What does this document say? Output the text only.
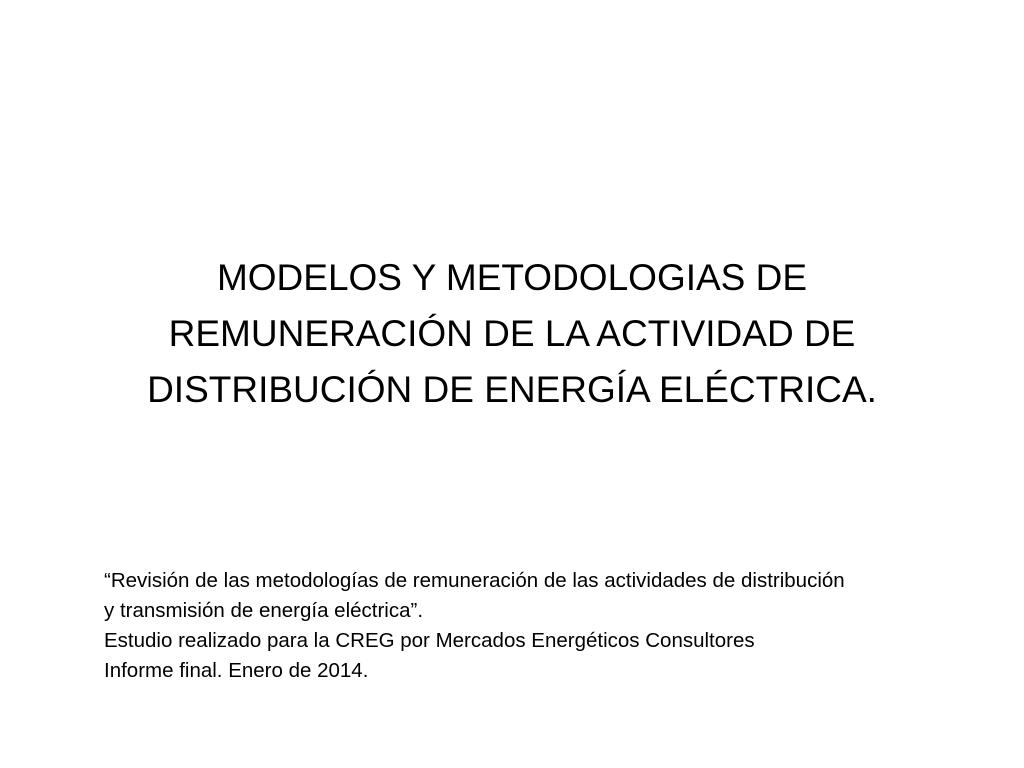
MODELOS Y METODOLOGIAS DE
REMUNERACIÓN DE LA ACTIVIDAD DE
DISTRIBUCIÓN DE ENERGÍA ELÉCTRICA.
“Revisión de las metodologías de remuneración de las actividades de distribución
y transmisión de energía eléctrica”.
Estudio realizado para la CREG por Mercados Energéticos Consultores
Informe final. Enero de 2014.
